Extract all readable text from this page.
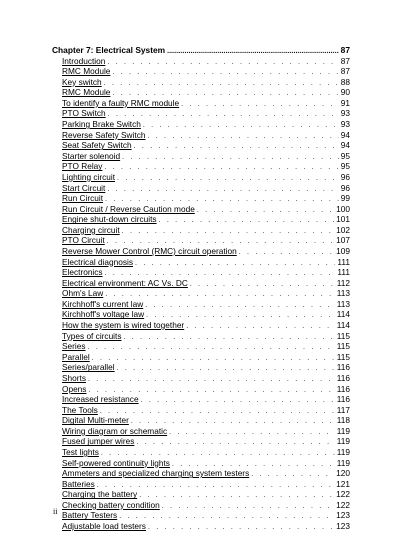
Chapter 7: Electrical System .....	87
Introduction . . .	87
RMC Module . . .	87
Key switch . . .	88
RMC Module . . .	90
To identify a faulty RMC module . . .	91
PTO Switch . . .	93
Parking Brake Switch . . .	93
Reverse Safety Switch . . .	94
Seat Safety Switch . . .	94
Starter solenoid . . .	95
PTO Relay . . .	95
Lighting circuit . . .	96
Start Circuit . . .	96
Run Circuit . . .	99
Run Circuit / Reverse Caution mode . . .	100
Engine shut-down circuits . . .	101
Charging circuit . . .	102
PTO Circuit . . .	107
Reverse Mower Control (RMC) circuit operation . . .	109
Electrical diagnosis . . .	111
Electronics . . .	111
Electrical environment: AC Vs. DC . . .	112
Ohm's Law . . .	113
Kirchhoff's current law . . .	113
Kirchhoff's voltage law . . .	114
How the system is wired together . . .	114
Types of circuits . . .	115
Series . . .	115
Parallel . . .	115
Series/parallel . . .	116
Shorts . . .	116
Opens . . .	116
Increased resistance . . .	116
The Tools . . .	117
Digital Multi-meter . . .	118
Wiring diagram or schematic . . .	119
Fused jumper wires . . .	119
Test lights . . .	119
Self-powered continuity lights . . .	119
Ammeters and specialized charging system testers . . .	120
Batteries . . .	121
Charging the battery . . .	122
Checking battery condition . . .	122
Battery Testers . . .	123
Adjustable load testers . . .	123
ii
